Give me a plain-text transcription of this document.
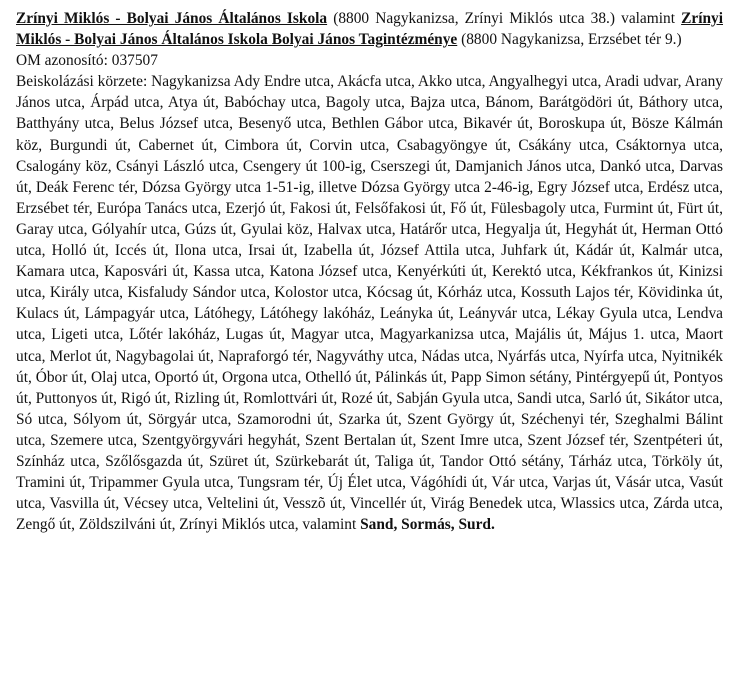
Zrínyi Miklós - Bolyai János Általános Iskola (8800 Nagykanizsa, Zrínyi Miklós utca 38.) valamint Zrínyi Miklós - Bolyai János Általános Iskola Bolyai János Tagintézménye (8800 Nagykanizsa, Erzsébet tér 9.)

OM azonosító: 037507

Beiskolázási körzete: Nagykanizsa Ady Endre utca, Akácfa utca, Akko utca, Angyalhegyi utca, Aradi udvar, Arany János utca, Árpád utca, Atya út, Babóchay utca, Bagoly utca, Bajza utca, Bánom, Barátgödöri út, Báthory utca, Batthyány utca, Belus József utca, Besenyő utca, Bethlen Gábor utca, Bikavér út, Boroskupa út, Bösze Kálmán köz, Burgundi út, Cabernet út, Cimbora út, Corvin utca, Csabagyöngye út, Csákány utca, Csáktornya utca, Csalogány köz, Csányi László utca, Csengery út 100-ig, Cserszegi út, Damjanich János utca, Dankó utca, Darvas út, Deák Ferenc tér, Dózsa György utca 1-51-ig, illetve Dózsa György utca 2-46-ig, Egry József utca, Erdész utca, Erzsébet tér, Európa Tanács utca, Ezerjó út, Fakosi út, Felsőfakosi út, Fő út, Fülesbagoly utca, Furmint út, Fürt út, Garay utca, Gólyahír utca, Gúzs út, Gyulai köz, Halvax utca, Határőr utca, Hegyalja út, Hegyhát út, Herman Ottó utca, Holló út, Iccés út, Ilona utca, Irsai út, Izabella út, József Attila utca, Juhfark út, Kádár út, Kalmár utca, Kamara utca, Kaposvári út, Kassa utca, Katona József utca, Kenyérkúti út, Kerektó utca, Kékfrankos út, Kinizsi utca, Király utca, Kisfaludy Sándor utca, Kolostor utca, Kócsag út, Kórház utca, Kossuth Lajos tér, Kövidinka út, Kulacs út, Lámpagyár utca, Látóhegy, Látóhegy lakóház, Leányka út, Leányvár utca, Lékay Gyula utca, Lendva utca, Ligeti utca, Lőtér lakóház, Lugas út, Magyar utca, Magyarkanizsa utca, Majális út, Május 1. utca, Maort utca, Merlot út, Nagybagolai út, Napraforgó tér, Nagyváthy utca, Nádas utca, Nyárfás utca, Nyírfa utca, Nyitnikék út, Óbor út, Olaj utca, Oportó út, Orgona utca, Othelló út, Pálinkás út, Papp Simon sétány, Pintérgyepű út, Pontyos út, Puttonyos út, Rigó út, Rizling út, Romlottvári út, Rozé út, Sabján Gyula utca, Sandi utca, Sarló út, Sikátor utca, Só utca, Sólyom út, Sörgyár utca, Szamorodni út, Szarka út, Szent György út, Széchenyi tér, Szeghalmi Bálint utca, Szemere utca, Szentgyörgyvári hegyhát, Szent Bertalan út, Szent Imre utca, Szent József tér, Szentpéteri út, Színház utca, Szőlősgazda út, Szüret út, Szürkebarát út, Taliga út, Tandor Ottó sétány, Tárház utca, Törköly út, Tramini út, Tripammer Gyula utca, Tungsram tér, Új Élet utca, Vágóhídi út, Vár utca, Varjas út, Vásár utca, Vasút utca, Vasvilla út, Vécsey utca, Veltelini út, Vesszõ út, Vincellér út, Virág Benedek utca, Wlassics utca, Zárda utca, Zengő út, Zöldszilváni út, Zrínyi Miklós utca, valamint Sand, Sormás, Surd.
